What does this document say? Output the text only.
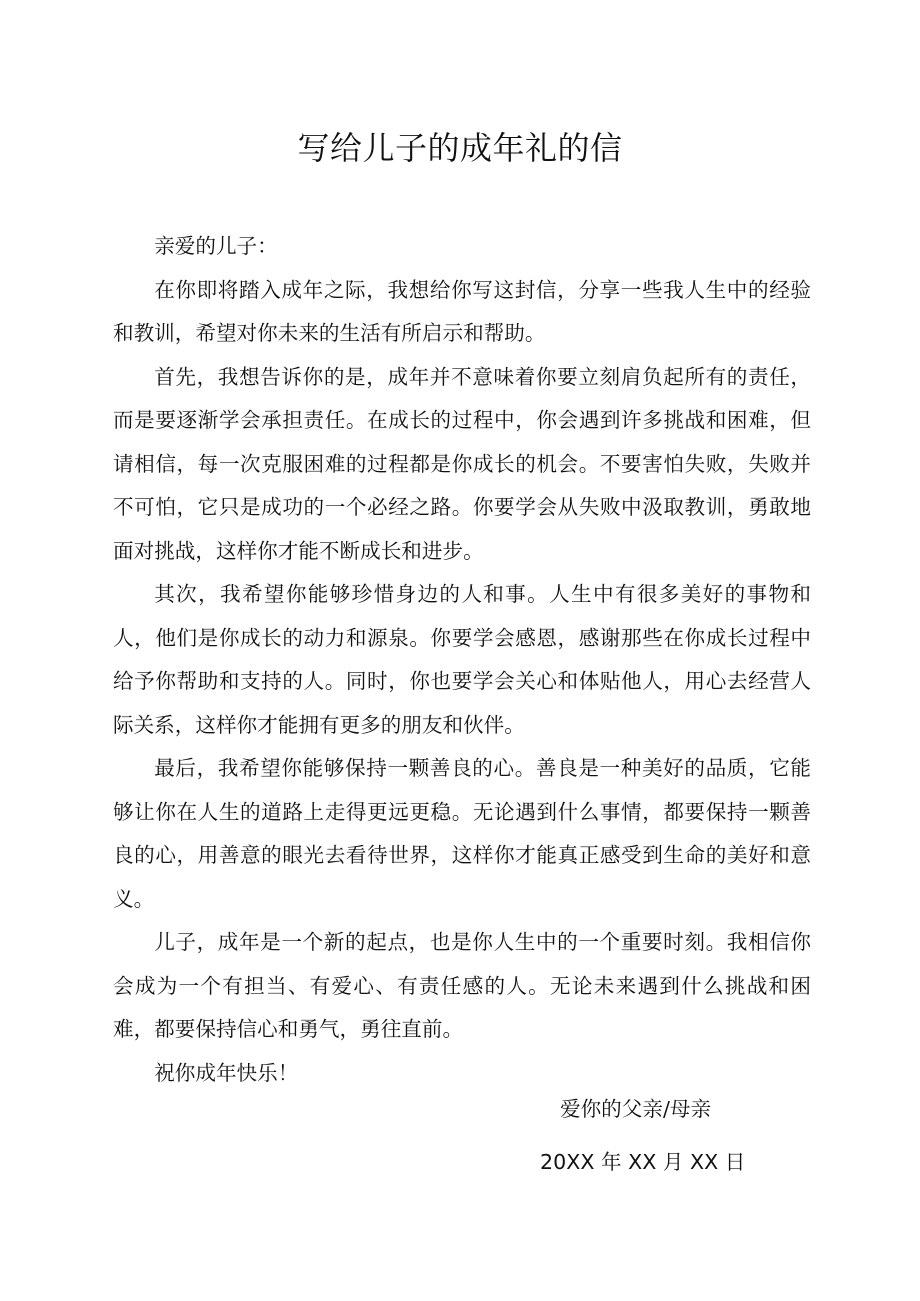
写给儿子的成年礼的信

亲爱的儿子：

在你即将踏入成年之际，我想给你写这封信，分享一些我人生中的经验和教训，希望对你未来的生活有所启示和帮助。

首先，我想告诉你的是，成年并不意味着你要立刻肩负起所有的责任，而是要逐渐学会承担责任。在成长的过程中，你会遇到许多挑战和困难，但请相信，每一次克服困难的过程都是你成长的机会。不要害怕失败，失败并不可怕，它只是成功的一个必经之路。你要学会从失败中汲取教训，勇敢地面对挑战，这样你才能不断成长和进步。

其次，我希望你能够珍惜身边的人和事。人生中有很多美好的事物和人，他们是你成长的动力和源泉。你要学会感恩，感谢那些在你成长过程中给予你帮助和支持的人。同时，你也要学会关心和体贴他人，用心去经营人际关系，这样你才能拥有更多的朋友和伙伴。

最后，我希望你能够保持一颗善良的心。善良是一种美好的品质，它能够让你在人生的道路上走得更远更稳。无论遇到什么事情，都要保持一颗善良的心，用善意的眼光去看待世界，这样你才能真正感受到生命的美好和意义。

儿子，成年是一个新的起点，也是你人生中的一个重要时刻。我相信你会成为一个有担当、有爱心、有责任感的人。无论未来遇到什么挑战和困难，都要保持信心和勇气，勇往直前。

祝你成年快乐！

爱你的父亲/母亲
20XX 年 XX 月 XX 日
